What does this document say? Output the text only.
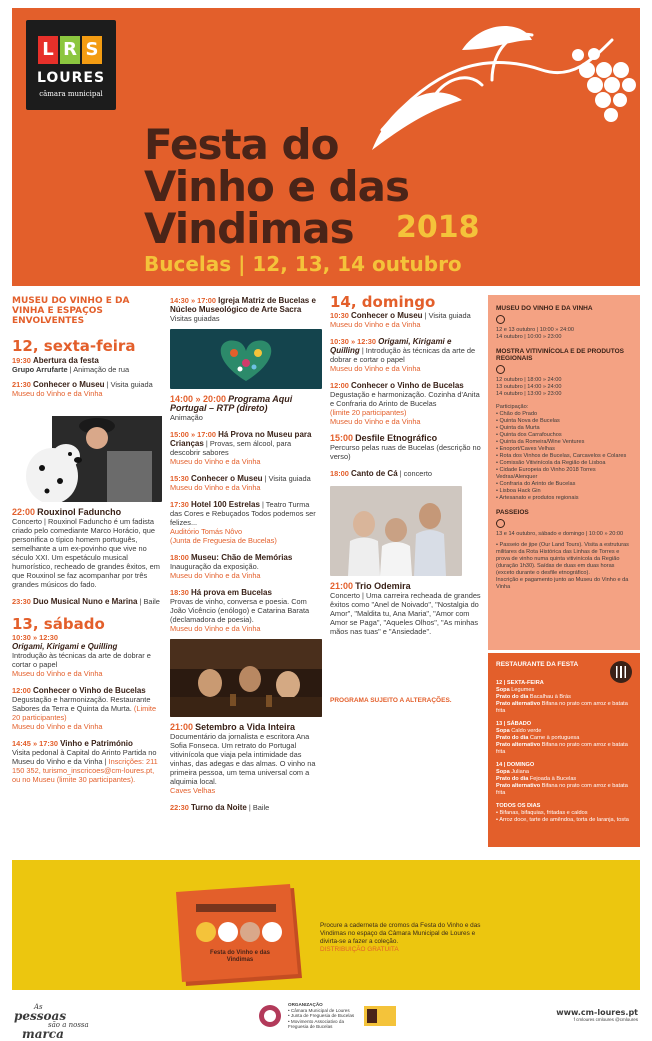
L R S
LOURES
câmara municipal
Festa do
Vinho e das
Vindimas 2018
Bucelas | 12, 13, 14 outubro
MUSEU DO VINHO E DA VINHA E ESPAÇOS ENVOLVENTES
12, sexta-feira
19:30 Abertura da festa
Grupo Arrufarte | Animação de rua
21:30 Conhecer o Museu | Visita guiada
Museu do Vinho e da Vinha
22:00 Rouxinol Faduncho
Concerto | Rouxinol Faduncho é um fadista criado pelo comediante Marco Horácio, que personifica o típico homem português, semelhante a um ex-povinho que vive no século XXI. Um espetáculo musical humorístico, recheado de grandes êxitos, em que Rouxinol se faz acompanhar por três grandes músicos do fado.
23:30 Duo Musical Nuno e Marina | Baile
13, sábado
10:30 » 12:30
Origami, Kirigami e Quilling
Introdução às técnicas da arte de dobrar e cortar o papel
Museu do Vinho e da Vinha
12:00 Conhecer o Vinho de Bucelas
Degustação e harmonização. Restaurante Sabores da Terra e Quinta da Murta. (Limite 20 participantes)
Museu do Vinho e da Vinha
14:45 » 17:30 Vinho e Património
Visita pedonal à Capital do Arinto Partida no Museu do Vinho e da Vinha | Inscrições: 211 150 352, turismo_inscricoes@cm-loures.pt, ou no Museu (limite 30 participantes).
14:30 » 17:00 Igreja Matriz de Bucelas e Núcleo Museológico de Arte Sacra
Visitas guiadas
14:00 » 20:00 Programa Aqui Portugal – RTP (direto)
Animação
15:00 » 17:00 Há Prova no Museu para Crianças | Provas, sem álcool, para descobrir sabores
Museu do Vinho e da Vinha
15:30 Conhecer o Museu | Visita guiada
Museu do Vinho e da Vinha
17:30 Hotel 100 Estrelas | Teatro Turma das Cores e Rebuçados Todos podemos ser felizes...
Auditório Tomás Nôvo
(Junta de Freguesia de Bucelas)
18:00 Museu: Chão de Memórias
Inauguração da exposição.
Museu do Vinho e da Vinha
18:30 Há prova em Bucelas
Provas de vinho, conversa e poesia. Com João Vicêncio (enólogo) e Catarina Barata (declamadora de poesia).
Museu do Vinho e da Vinha
21:00 Setembro a Vida Inteira
Documentário da jornalista e escritora Ana Sofia Fonseca. Um retrato do Portugal vitivinícola que viaja pela intimidade das vinhas, das adegas e das almas. O vinho na primeira pessoa, um tema universal com a alquimia local.
Caves Velhas
22:30 Turno da Noite | Baile
14, domingo
10:30 Conhecer o Museu | Visita guiada
Museu do Vinho e da Vinha
10:30 » 12:30 Origami, Kirigami e Quilling | Introdução às técnicas da arte de dobrar e cortar o papel
Museu do Vinho e da Vinha
12:00 Conhecer o Vinho de Bucelas
Degustação e harmonização. Cozinha d'Anita e Confraria do Arinto de Bucelas
(limite 20 participantes)
Museu do Vinho e da Vinha
15:00 Desfile Etnográfico
Percurso pelas ruas de Bucelas (descrição no verso)
18:00 Canto de Cá | concerto
21:00 Trio Odemira
Concerto | Uma carreira recheada de grandes êxitos como "Anel de Noivado", "Nostalgia do Amor", "Maldita tu, Ana Maria", "Amor com Amor se Paga", "Aqueles Olhos", "As minhas mãos nas tuas" e "Ansiedade".
PROGRAMA SUJEITO A ALTERAÇÕES.
MUSEU DO VINHO E DA VINHA
12 e 13 outubro | 10:00 » 24:00
14 outubro | 10:00 » 23:00
MOSTRA VITIVINÍCOLA E DE PRODUTOS REGIONAIS
12 outubro | 18:00 » 24:00
13 outubro | 14:00 » 24:00
14 outubro | 13:00 » 23:00
Participação:
• Chão do Prado
• Quinta Nova de Bucelas
• Quinta da Murta
• Quinta dos Carrafouchos
• Quinta da Romeira/Wine Ventures
• Enoport/Caves Velhas
• Rota dos Vinhos de Bucelas, Carcavelos e Colares
• Comissão Vitivinícola da Região de Lisboa
• Cidade Europeia do Vinho 2018 Torres Vedras/Alenquer
• Confraria do Arinto de Bucelas
• Lisboa Hack Gin
• Artesanato e produtos regionais
PASSEIOS
13 e 14 outubro, sábado e domingo | 10:00 » 20:00
• Passeio de jipe (Our Land Tours). Visita a estruturas militares da Rota Histórica das Linhas de Torres e prova de vinho numa quinta vitivinícola da Região (duração 1h30). Saídas de duas em duas horas (exceto durante o desfile etnográfico).
Inscrição e pagamento junto ao Museu do Vinho e da Vinha
RESTAURANTE DA FESTA
12 | SEXTA-FEIRA
Sopa Legumes
Prato do dia Bacalhau à Brás
Prato alternativo Bifana no prato com arroz e batata frita
13 | SÁBADO
Sopa Caldo verde
Prato do dia Carne à portuguesa
Prato alternativo Bifana no prato com arroz e batata frita
14 | DOMINGO
Sopa Juliana
Prato do dia Fejoada à Bucelas
Prato alternativo Bifana no prato com arroz e batata frita
TODOS OS DIAS
• Bifanas, bifaquias, fritadas e caldos
• Arroz doce, tarte de amêndoa, torta de laranja, tosta
Festa do Vinho e das Vindimas
Procure a caderneta de cromos da Festa do Vinho e das Vindimas no espaço da Câmara Municipal de Loures e divirta-se a fazer a coleção.
DISTRIBUIÇÃO GRATUITA
As
pessoas
são a nossa
marca
ORGANIZAÇÃO
• Câmara Municipal de Loures
• Junta de Freguesia de Bucelas
• Movimento Associativo da Freguesia de Bucelas
www.cm-loures.pt
f cmloures cmloures @cmloures
